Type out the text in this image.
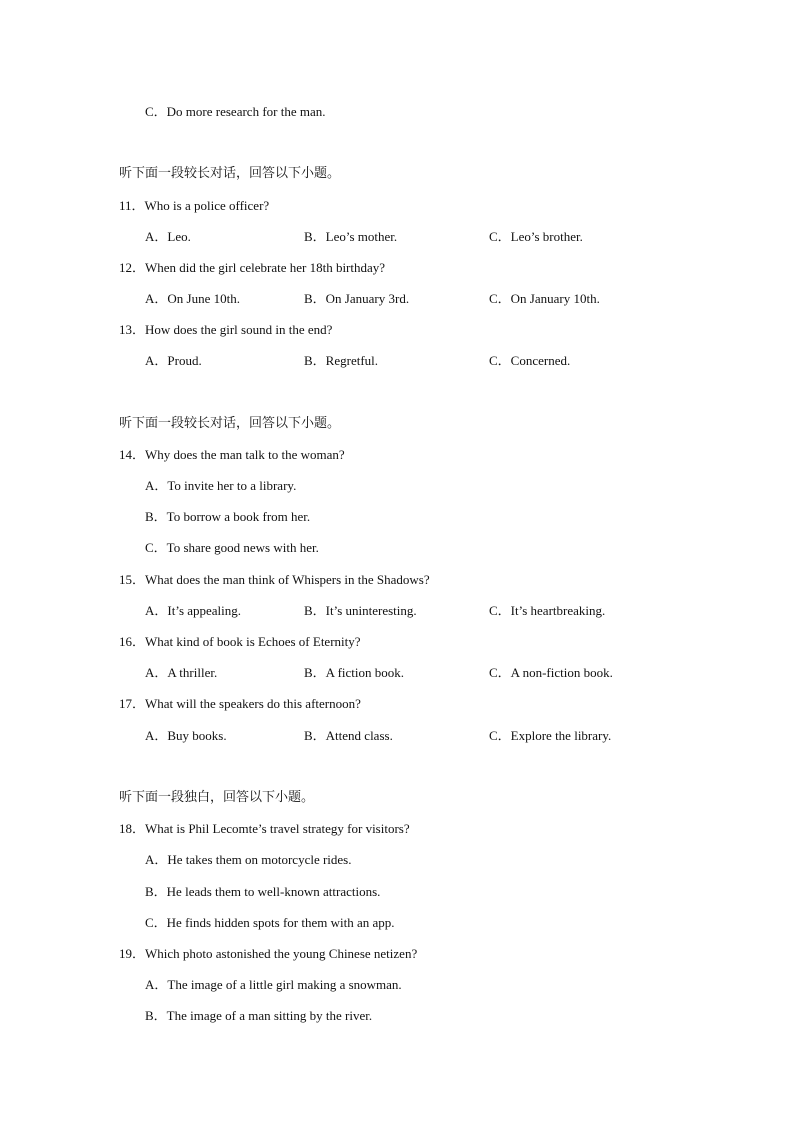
C．Do more research for the man.
听下面一段较长对话，回答以下小题。
11．Who is a police officer?
A．Leo.	B．Leo’s mother.	C．Leo’s brother.
12．When did the girl celebrate her 18th birthday?
A．On June 10th.	B．On January 3rd.	C．On January 10th.
13．How does the girl sound in the end?
A．Proud.	B．Regretful.	C．Concerned.
听下面一段较长对话，回答以下小题。
14．Why does the man talk to the woman?
A．To invite her to a library.
B．To borrow a book from her.
C．To share good news with her.
15．What does the man think of Whispers in the Shadows?
A．It’s appealing.	B．It’s uninteresting.	C．It’s heartbreaking.
16．What kind of book is Echoes of Eternity?
A．A thriller.	B．A fiction book.	C．A non-fiction book.
17．What will the speakers do this afternoon?
A．Buy books.	B．Attend class.	C．Explore the library.
听下面一段独白，回答以下小题。
18．What is Phil Lecomte’s travel strategy for visitors?
A．He takes them on motorcycle rides.
B．He leads them to well-known attractions.
C．He finds hidden spots for them with an app.
19．Which photo astonished the young Chinese netizen?
A．The image of a little girl making a snowman.
B．The image of a man sitting by the river.
